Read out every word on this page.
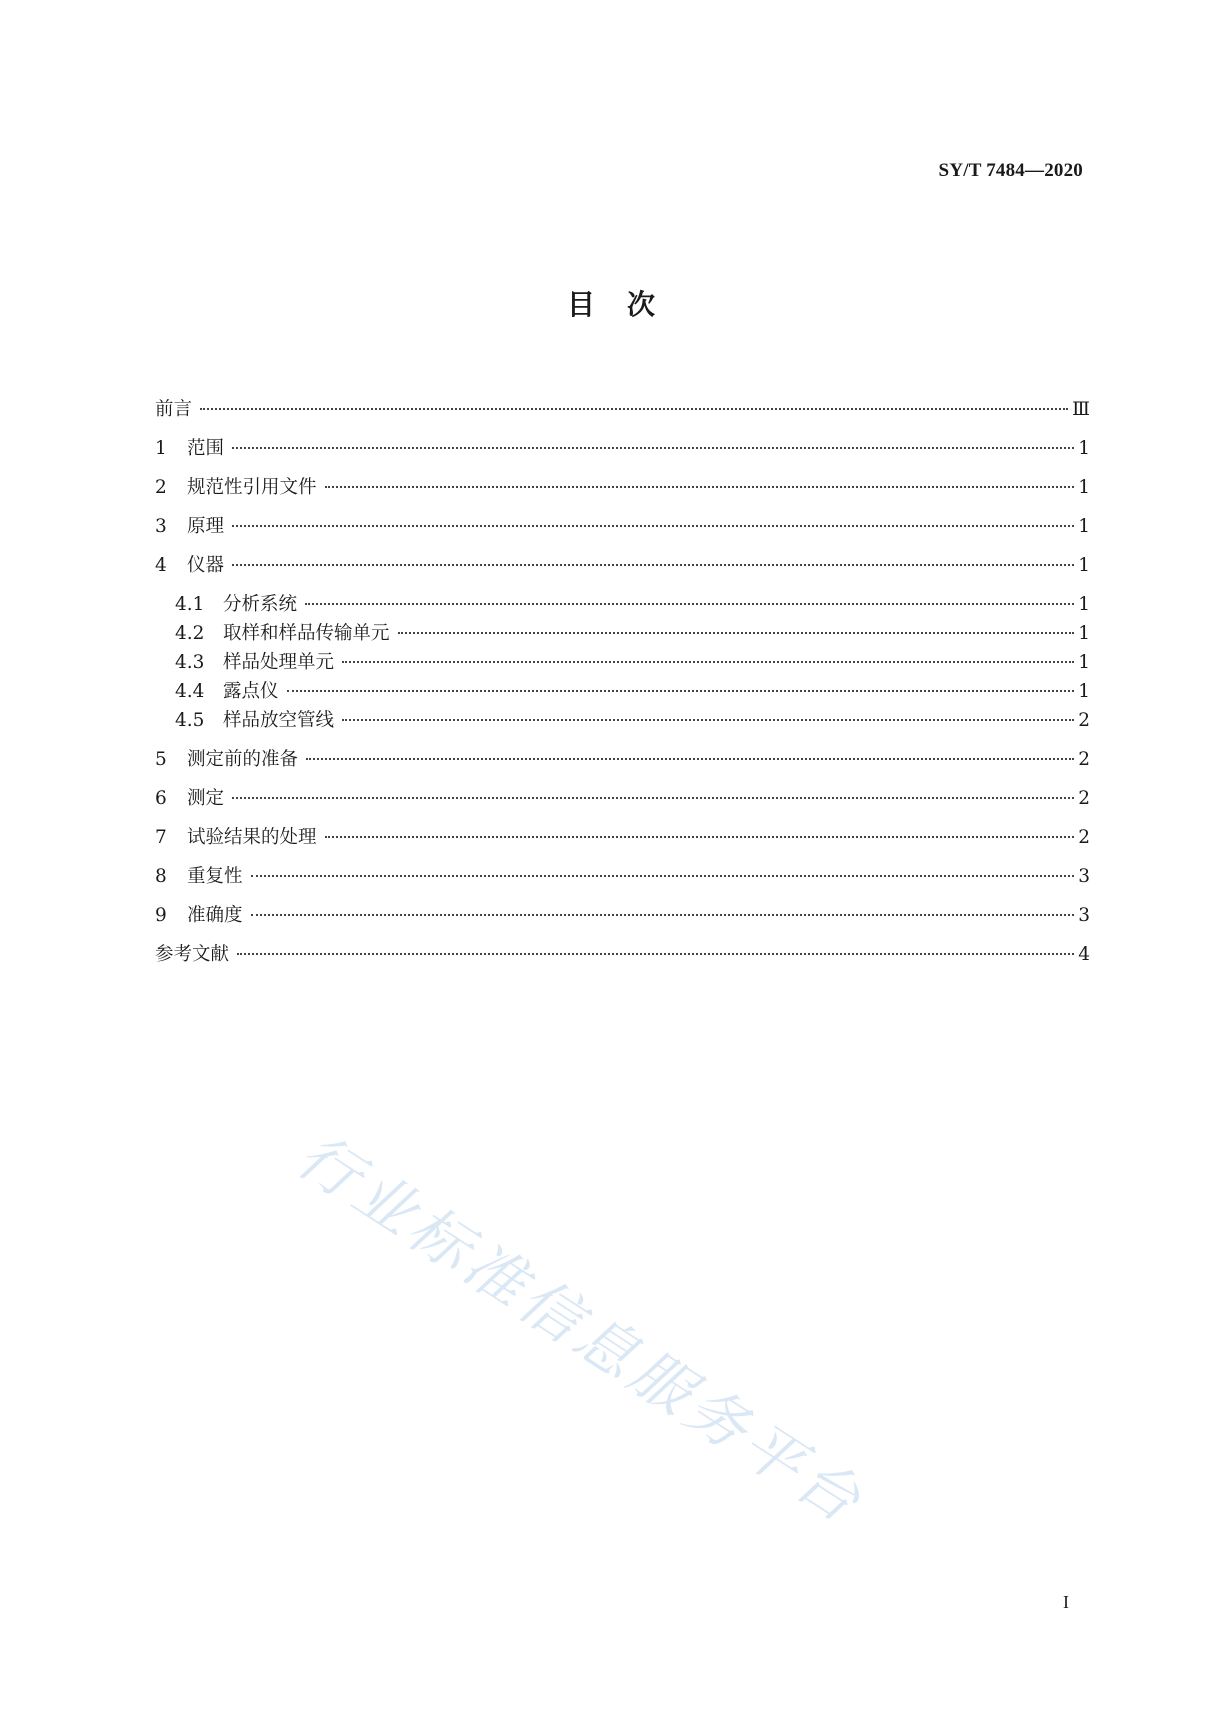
SY/T 7484—2020
目　次
前言	Ⅲ
1	范围	1
2	规范性引用文件	1
3	原理	1
4	仪器	1
4.1	分析系统	1
4.2	取样和样品传输单元	1
4.3	样品处理单元	1
4.4	露点仪	1
4.5	样品放空管线	2
5	测定前的准备	2
6	测定	2
7	试验结果的处理	2
8	重复性	3
9	准确度	3
参考文献	4
行业标准信息服务平台
I
